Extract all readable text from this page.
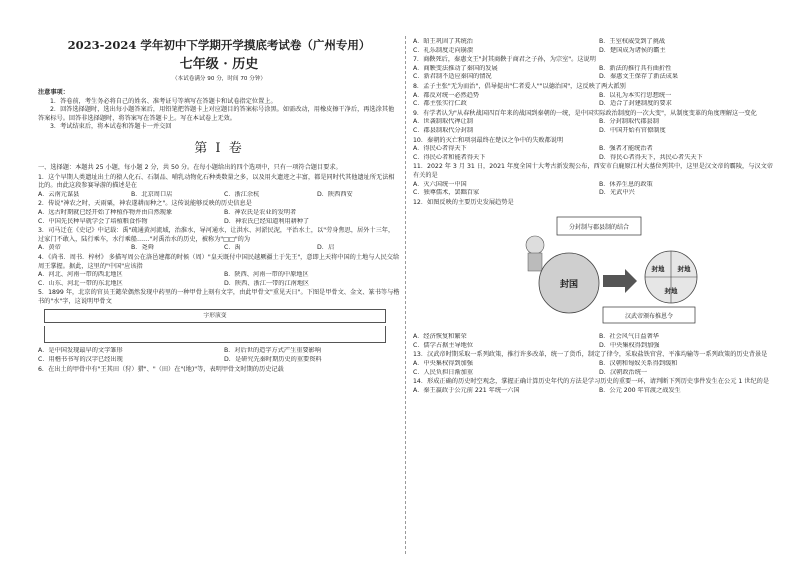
2023-2024 学年初中下学期开学摸底考试卷（广州专用）
七年级 · 历史
（本试卷满分 90 分，时间 70 分钟）

注意事项：

1．答卷前，考生务必将自己的姓名、准考证号等填写在答题卡和试卷指定位置上。

2．回答选择题时，选出每小题答案后，用铅笔把答题卡上对应题目的答案标号涂黑。如需改动，用橡皮擦干净后，再选涂其他答案标号。回答非选择题时，将答案写在答题卡上。写在本试卷上无效。

3．考试结束后，将本试卷和答题卡一并交回

第 Ⅰ 卷

一、选择题：本题共 25 小题，每小题 2 分，共 50 分。在每小题给出的四个选项中，只有一项符合题目要求。

1．这个早期人类遗址出土的猿人化石、石制品、哺乳动物化石种类数量之多，以及用火遗迹之丰富，都是同时代其他遗址所无法相比的。由此这段参赛导游的描述是在

A．云南元谋县	B．北京周口店	C．浙江余杭	D．陕西西安

2．传说"神农之时，天雨粟，神农遂耕而种之"。这传说能够反映的历史信息是

A．远古时期就已经开始了种植作物并由自然现象	B．神农氏是农业的发明者
C．中国先民种早就学会了培植粮食作物	D．神农氏已经知道利用耕种了

3．司马迁在《史记》中记载：禹"疏通黄河流域，治淮水，导河通水，让洪水、河淤民泥，平治水土，以"劳身焦思，居外十三年，过家门不敢入，陆行乘车，水行乘船……"对禹治水的历史，被称为"□□"的为

A．黄帝	B．尧舜	C．禹	D．启

4．《尚书．周书．梓材》 多描写周公在洛邑建都的时候（周）"皇天既付中国民越厥疆土于先王"，意即上天将中国的土地与人民交给周王掌握。据此，这里的"中国"应该指

A．河北、河南一带的西北地区	B．陕西、河南一带的中原地区
C．山东、河北一带的东北地区	D．陕西、浙江一带的江南地区

5．1899 年，北京的官员王懿荣偶然发现中药里的一种甲骨上刻有文字，由此甲骨文"重见天日"。下图是甲骨文、金文、篆书等与楷书的"水"字，这说明甲骨文

字形演变
A．是中国发现最早的文字雏形	B．对后世的造字方式产生重要影响
C．用楷书书写的汉字已经出现	D．是研究先秦时期历史的重要资料

6．在出土的甲骨中有"王其田（狩）猎"、"（田）在"(地)"等，表明甲骨文时期的历史记载

A．昭王巩固了其统治	B．王室权威受到了挑战
C．礼乐制度走向崩溃	D．楚国成为诸侯的霸主

7．商鞅死后，秦惠文王"封其商鞅于商君之子孙，为宗室"。这说明

A．商鞅变法推动了秦国的发展	B．新法的推行具有曲折性
C．新君制不适应秦国的情况	D．秦惠文王保存了新法成果

8．孟子主张"无为而治"，倡导提出"仁者爱人""以德治国"，这反映了两大派别

A．都反对统一必然趋势	B．以礼为本实行思想统一
C．都主张实行仁政	D．适合了封建制度的要求

9．有学者认为"从春秋战国四百年来的战国到秦朝的一统，是中国实际政治制度的一次大变"，从制度变革的角度理解这一变化

A．世袭制取代禅让制	B．分封制取代郡县制
C．郡县制取代分封制	D．中国开始有官僚制度

10．秦朝的灭亡和项羽最终在楚汉之争中的失败都说明

A．得民心者得天下	B．强者才能统治者
C．得民心者和能者得天下	D．得民心者得天下，共民心者失天下

11．2022 年 3 月 31 日，2021 年度全国十大考古新发现公布，西安市白鹿原江村大墓位列其中，这里是汉文帝的霸陵，与汉文帝有关的是

A．灭六国统一中国	B．休养生息的政策
C．独尊儒术，罢黜百家	D．光武中兴

12．如图反映的主要历史发展趋势是

分封制与郡县制的结合
封国
封地 封地
封地
汉武帝颁布推恩令
A．经济恢复和繁荣	B．社会风气日益奢华
C．儒学占据主导地位	D．中央集权得到加强

13．汉武帝时期采取一系列政策，推行许多改革，统一了货币，制定了律令，采取盐铁官营、平准均输等一系列政策的历史背景是

A．中央集权得到加强	B．汉朝和匈奴关系得到缓和
C．人民负担日渐加重	D．汉朝政治统一

14．形成正确的历史时空观念，掌握正确计算历史年代的方法是学习历史的重要一环，请判断下列历史事件发生在公元 1 世纪的是

A．秦王嬴政于公元前 221 年统一六国	B．公元 200 年官渡之战发生
